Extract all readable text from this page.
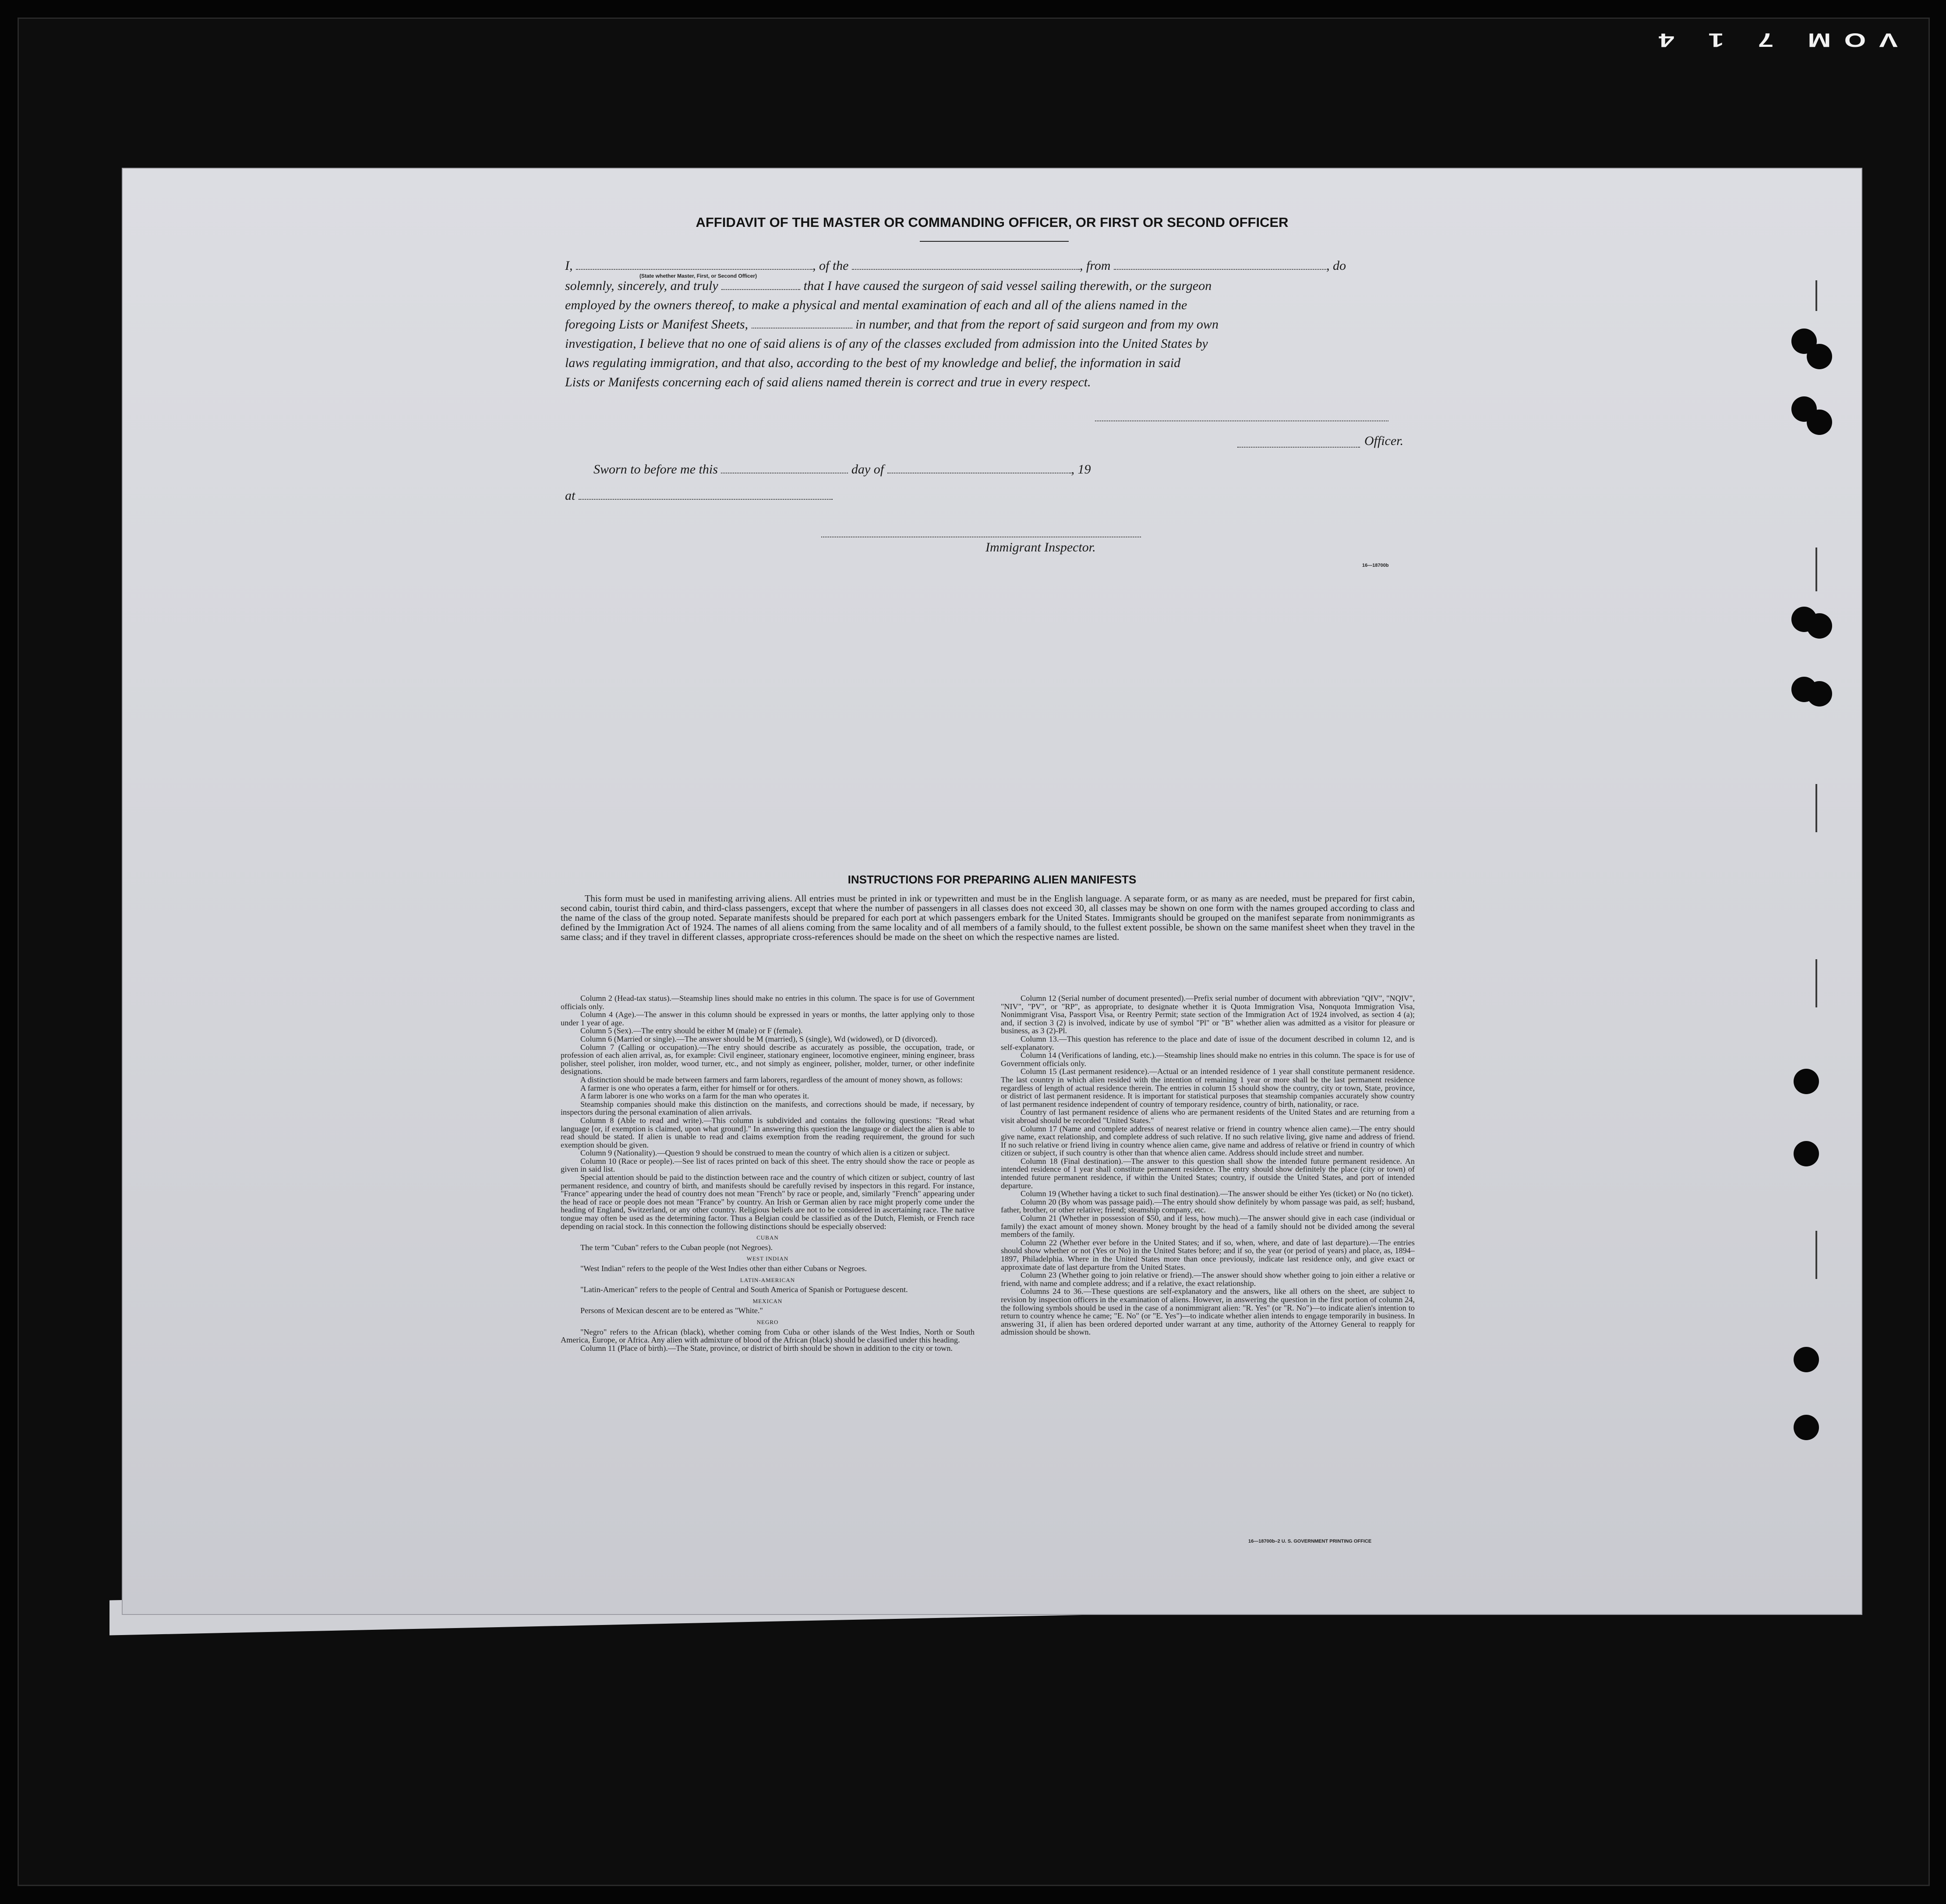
VOM 7 1 4
AFFIDAVIT OF THE MASTER OR COMMANDING OFFICER, OR FIRST OR SECOND OFFICER
I,	, of the	, from	, do
(State whether Master, First, or Second Officer)
solemnly, sincerely, and truly	that I have caused the surgeon of said vessel sailing therewith, or the surgeon
employed by the owners thereof, to make a physical and mental examination of each and all of the aliens named in the
foregoing Lists or Manifest Sheets,	in number, and that from the report of said surgeon and from my own
investigation, I believe that no one of said aliens is of any of the classes excluded from admission into the United States by
laws regulating immigration, and that also, according to the best of my knowledge and belief, the information in said
Lists or Manifests concerning each of said aliens named therein is correct and true in every respect.
Officer.
Sworn to before me this	day of	, 19
at
Immigrant Inspector.
16—18700b
INSTRUCTIONS FOR PREPARING ALIEN MANIFESTS

This form must be used in manifesting arriving aliens. All entries must be printed in ink or typewritten and must be in the English language. A separate form, or as many as are needed, must be prepared for first cabin, second cabin, tourist third cabin, and third-class passengers, except that where the number of passengers in all classes does not exceed 30, all classes may be shown on one form with the names grouped according to class and the name of the class of the group noted. Separate manifests should be prepared for each port at which passengers embark for the United States. Immigrants should be grouped on the manifest separate from nonimmigrants as defined by the Immigration Act of 1924. The names of all aliens coming from the same locality and of all members of a family should, to the fullest extent possible, be shown on the same manifest sheet when they travel in the same class; and if they travel in different classes, appropriate cross-references should be made on the sheet on which the respective names are listed.

Column 2 (Head-tax status).—Steamship lines should make no entries in this column. The space is for use of Government officials only.

Column 4 (Age).—The answer in this column should be expressed in years or months, the latter applying only to those under 1 year of age.

Column 5 (Sex).—The entry should be either M (male) or F (female).

Column 6 (Married or single).—The answer should be M (married), S (single), Wd (widowed), or D (divorced).

Column 7 (Calling or occupation).—The entry should describe as accurately as possible, the occupation, trade, or profession of each alien arrival, as, for example: Civil engineer, stationary engineer, locomotive engineer, mining engineer, brass polisher, steel polisher, iron molder, wood turner, etc., and not simply as engineer, polisher, molder, turner, or other indefinite designations.

A distinction should be made between farmers and farm laborers, regardless of the amount of money shown, as follows:

A farmer is one who operates a farm, either for himself or for others.

A farm laborer is one who works on a farm for the man who operates it.

Steamship companies should make this distinction on the manifests, and corrections should be made, if necessary, by inspectors during the personal examination of alien arrivals.

Column 8 (Able to read and write).—This column is subdivided and contains the following questions: "Read what language [or, if exemption is claimed, upon what ground]." In answering this question the language or dialect the alien is able to read should be stated. If alien is unable to read and claims exemption from the reading requirement, the ground for such exemption should be given.

Column 9 (Nationality).—Question 9 should be construed to mean the country of which alien is a citizen or subject.

Column 10 (Race or people).—See list of races printed on back of this sheet. The entry should show the race or people as given in said list.

Special attention should be paid to the distinction between race and the country of which citizen or subject, country of last permanent residence, and country of birth, and manifests should be carefully revised by inspectors in this regard. For instance, "France" appearing under the head of country does not mean "French" by race or people, and, similarly "French" appearing under the head of race or people does not mean "France" by country. An Irish or German alien by race might properly come under the heading of England, Switzerland, or any other country. Religious beliefs are not to be considered in ascertaining race. The native tongue may often be used as the determining factor. Thus a Belgian could be classified as of the Dutch, Flemish, or French race depending on racial stock. In this connection the following distinctions should be especially observed:

CUBAN

The term "Cuban" refers to the Cuban people (not Negroes).

WEST INDIAN

"West Indian" refers to the people of the West Indies other than either Cubans or Negroes.

LATIN-AMERICAN

"Latin-American" refers to the people of Central and South America of Spanish or Portuguese descent.

MEXICAN

Persons of Mexican descent are to be entered as "White."

NEGRO

"Negro" refers to the African (black), whether coming from Cuba or other islands of the West Indies, North or South America, Europe, or Africa. Any alien with admixture of blood of the African (black) should be classified under this heading.

Column 11 (Place of birth).—The State, province, or district of birth should be shown in addition to the city or town.

Column 12 (Serial number of document presented).—Prefix serial number of document with abbreviation "QIV", "NQIV", "NIV", "PV", or "RP", as appropriate, to designate whether it is Quota Immigration Visa, Nonquota Immigration Visa, Nonimmigrant Visa, Passport Visa, or Reentry Permit; state section of the Immigration Act of 1924 involved, as section 4 (a); and, if section 3 (2) is involved, indicate by use of symbol "Pl" or "B" whether alien was admitted as a visitor for pleasure or business, as 3 (2)-Pl.

Column 13.—This question has reference to the place and date of issue of the document described in column 12, and is self-explanatory.

Column 14 (Verifications of landing, etc.).—Steamship lines should make no entries in this column. The space is for use of Government officials only.

Column 15 (Last permanent residence).—Actual or an intended residence of 1 year shall constitute permanent residence. The last country in which alien resided with the intention of remaining 1 year or more shall be the last permanent residence regardless of length of actual residence therein. The entries in column 15 should show the country, city or town, State, province, or district of last permanent residence. It is important for statistical purposes that steamship companies accurately show country of last permanent residence independent of country of temporary residence, country of birth, nationality, or race.

Country of last permanent residence of aliens who are permanent residents of the United States and are returning from a visit abroad should be recorded "United States."

Column 17 (Name and complete address of nearest relative or friend in country whence alien came).—The entry should give name, exact relationship, and complete address of such relative. If no such relative living, give name and address of friend. If no such relative or friend living in country whence alien came, give name and address of relative or friend in country of which citizen or subject, if such country is other than that whence alien came. Address should include street and number.

Column 18 (Final destination).—The answer to this question shall show the intended future permanent residence. An intended residence of 1 year shall constitute permanent residence. The entry should show definitely the place (city or town) of intended future permanent residence, if within the United States; country, if outside the United States, and port of intended departure.

Column 19 (Whether having a ticket to such final destination).—The answer should be either Yes (ticket) or No (no ticket).

Column 20 (By whom was passage paid).—The entry should show definitely by whom passage was paid, as self; husband, father, brother, or other relative; friend; steamship company, etc.

Column 21 (Whether in possession of $50, and if less, how much).—The answer should give in each case (individual or family) the exact amount of money shown. Money brought by the head of a family should not be divided among the several members of the family.

Column 22 (Whether ever before in the United States; and if so, when, where, and date of last departure).—The entries should show whether or not (Yes or No) in the United States before; and if so, the year (or period of years) and place, as, 1894–1897, Philadelphia. Where in the United States more than once previously, indicate last residence only, and give exact or approximate date of last departure from the United States.

Column 23 (Whether going to join relative or friend).—The answer should show whether going to join either a relative or friend, with name and complete address; and if a relative, the exact relationship.

Columns 24 to 36.—These questions are self-explanatory and the answers, like all others on the sheet, are subject to revision by inspection officers in the examination of aliens. However, in answering the question in the first portion of column 24, the following symbols should be used in the case of a nonimmigrant alien: "R. Yes" (or "R. No")—to indicate alien's intention to return to country whence he came; "E. No" (or "E. Yes")—to indicate whether alien intends to engage temporarily in business. In answering 31, if alien has been ordered deported under warrant at any time, authority of the Attorney General to reapply for admission should be shown.

16—18700b–2 U. S. GOVERNMENT PRINTING OFFICE
